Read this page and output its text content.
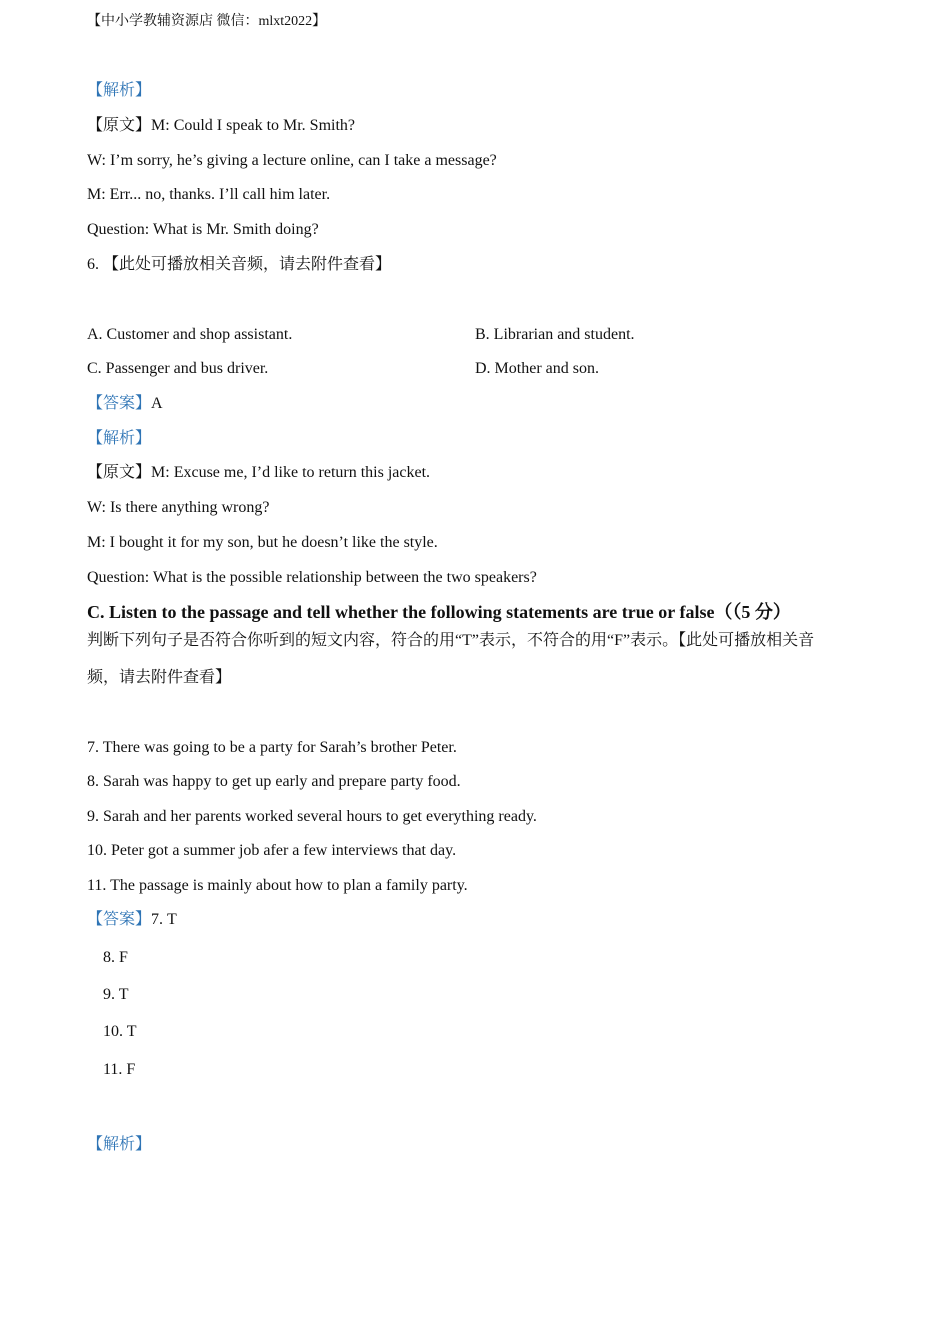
【中小学教辅资源店 微信：mlxt2022】
【解析】
【原文】M: Could I speak to Mr. Smith?
W: I’m sorry, he’s giving a lecture online, can I take a message?
M: Err... no, thanks. I’ll call him later.
Question: What is Mr. Smith doing?
6. 【此处可播放相关音频，请去附件查看】
A. Customer and shop assistant.	B. Librarian and student.
C. Passenger and bus driver.	D. Mother and son.
【答案】A
【解析】
【原文】M: Excuse me, I’d like to return this jacket.
W: Is there anything wrong?
M: I bought it for my son, but he doesn’t like the style.
Question: What is the possible relationship between the two speakers?
C. Listen to the passage and tell whether the following statements are true or false（（5 分）
判断下列句子是否符合你听到的短文内容，符合的用“T”表示，不符合的用“F”表示。【此处可播放相关音
频，请去附件查看】
7. There was going to be a party for Sarah’s brother Peter.
8. Sarah was happy to get up early and prepare party food.
9. Sarah and her parents worked several hours to get everything ready.
10. Peter got a summer job afer a few interviews that day.
11. The passage is mainly about how to plan a family party.
【答案】7. T
8. F
9. T
10. T
11. F
【解析】
